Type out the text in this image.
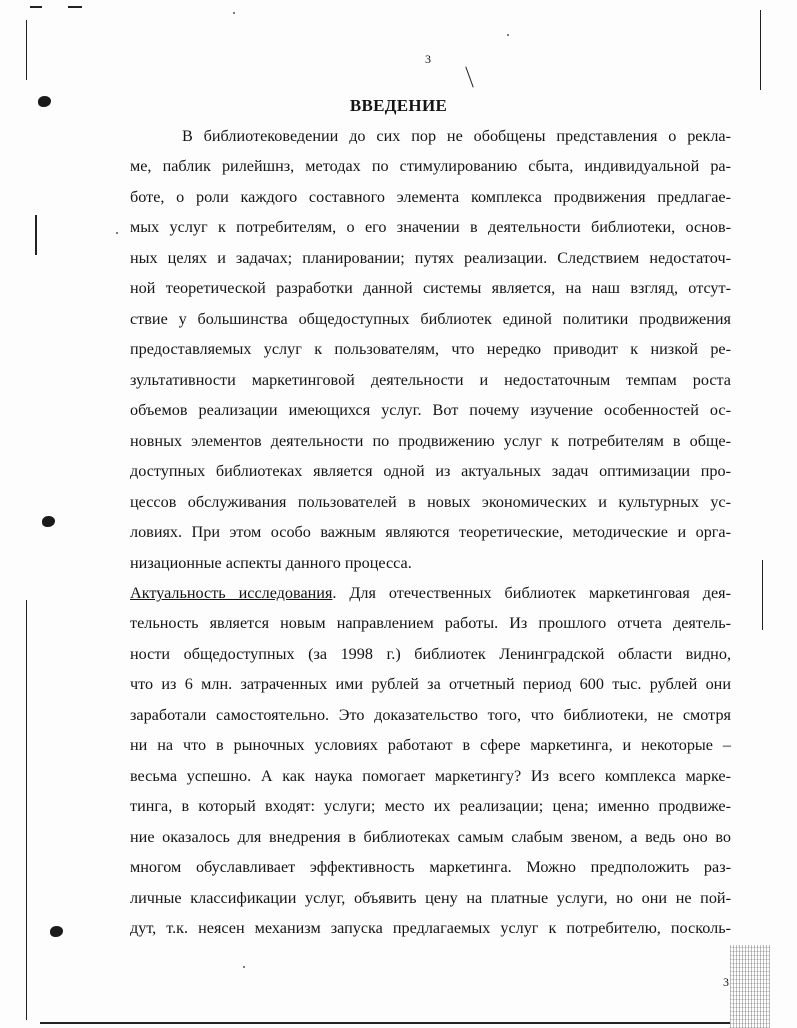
3
ВВЕДЕНИЕ
В библиотековедении до сих пор не обобщены представления о рекла-
ме, паблик рилейшнз, методах по стимулированию сбыта, индивидуальной ра-
боте, о роли каждого составного элемента комплекса продвижения предлагае-
мых услуг к потребителям, о его значении в деятельности библиотеки, основ-
ных целях и задачах; планировании; путях реализации. Следствием недостаточ-
ной теоретической разработки данной системы является, на наш взгляд, отсут-
ствие у большинства общедоступных библиотек единой политики продвижения
предоставляемых услуг к пользователям, что нередко приводит к низкой ре-
зультативности маркетинговой деятельности и недостаточным темпам роста
объемов реализации имеющихся услуг. Вот почему изучение особенностей ос-
новных элементов деятельности по продвижению услуг к потребителям в обще-
доступных библиотеках является одной из актуальных задач оптимизации про-
цессов обслуживания пользователей в новых экономических и культурных ус-
ловиях. При этом особо важным являются теоретические, методические и орга-
низационные аспекты данного процесса.
Актуальность исследования. Для отечественных библиотек маркетинговая дея-
тельность является новым направлением работы. Из прошлого отчета деятель-
ности общедоступных (за 1998 г.) библиотек Ленинградской области видно,
что из 6 млн. затраченных ими рублей за отчетный период 600 тыс. рублей они
заработали самостоятельно. Это доказательство того, что библиотеки, не смотря
ни на что в рыночных условиях работают в сфере маркетинга, и некоторые –
весьма успешно. А как наука помогает маркетингу? Из всего комплекса марке-
тинга, в который входят: услуги; место их реализации; цена; именно продвиже-
ние оказалось для внедрения в библиотеках самым слабым звеном, а ведь оно во
многом обуславливает эффективность маркетинга. Можно предположить раз-
личные классификации услуг, объявить цену на платные услуги, но они не пой-
дут, т.к. неясен механизм запуска предлагаемых услуг к потребителю, посколь-
3
